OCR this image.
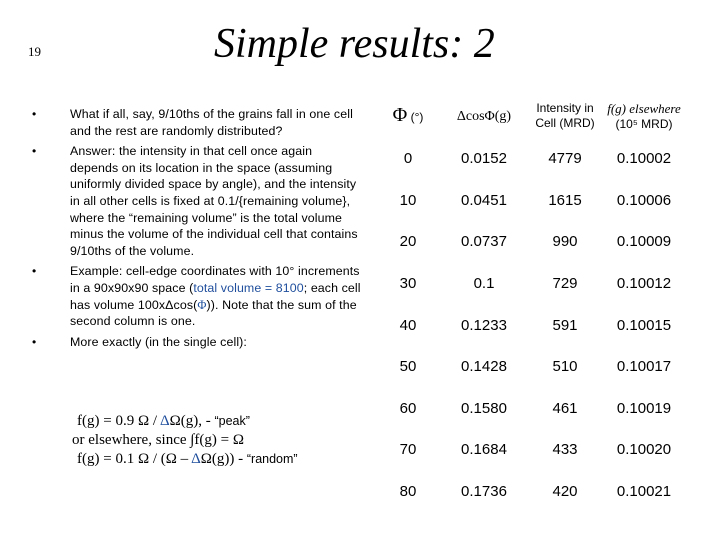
19	Simple results: 2
•	What if all, say, 9/10ths of the grains fall in one cell and the rest are randomly distributed?
•	Answer: the intensity in that cell once again depends on its location in the space (assuming uniformly divided space by angle), and the intensity in all other cells is fixed at 0.1/{remaining volume}, where the “remaining volume” is the total volume minus the volume of the individual cell that contains 9/10ths of the volume.
•	Example: cell-edge coordinates with 10° increments in a 90x90x90 space (total volume = 8100; each cell has volume 100xΔcos(Φ)). Note that the sum of the second column is one.
•	More exactly (in the single cell):
f(g) = 0.9 Ω / ΔΩ(g), - “peak”
or elsewhere, since ∫f(g) = Ω
f(g) = 0.1 Ω / (Ω – ΔΩ(g)) - “random”
Φ (°)	ΔcosΦ(g)	Intensity in
Cell (MRD)	f(g) elsewhere
(10⁵ MRD)
0	0.0152	4779	0.10002
10	0.0451	1615	0.10006
20	0.0737	990	0.10009
30	0.1	729	0.10012
40	0.1233	591	0.10015
50	0.1428	510	0.10017
60	0.1580	461	0.10019
70	0.1684	433	0.10020
80	0.1736	420	0.10021
